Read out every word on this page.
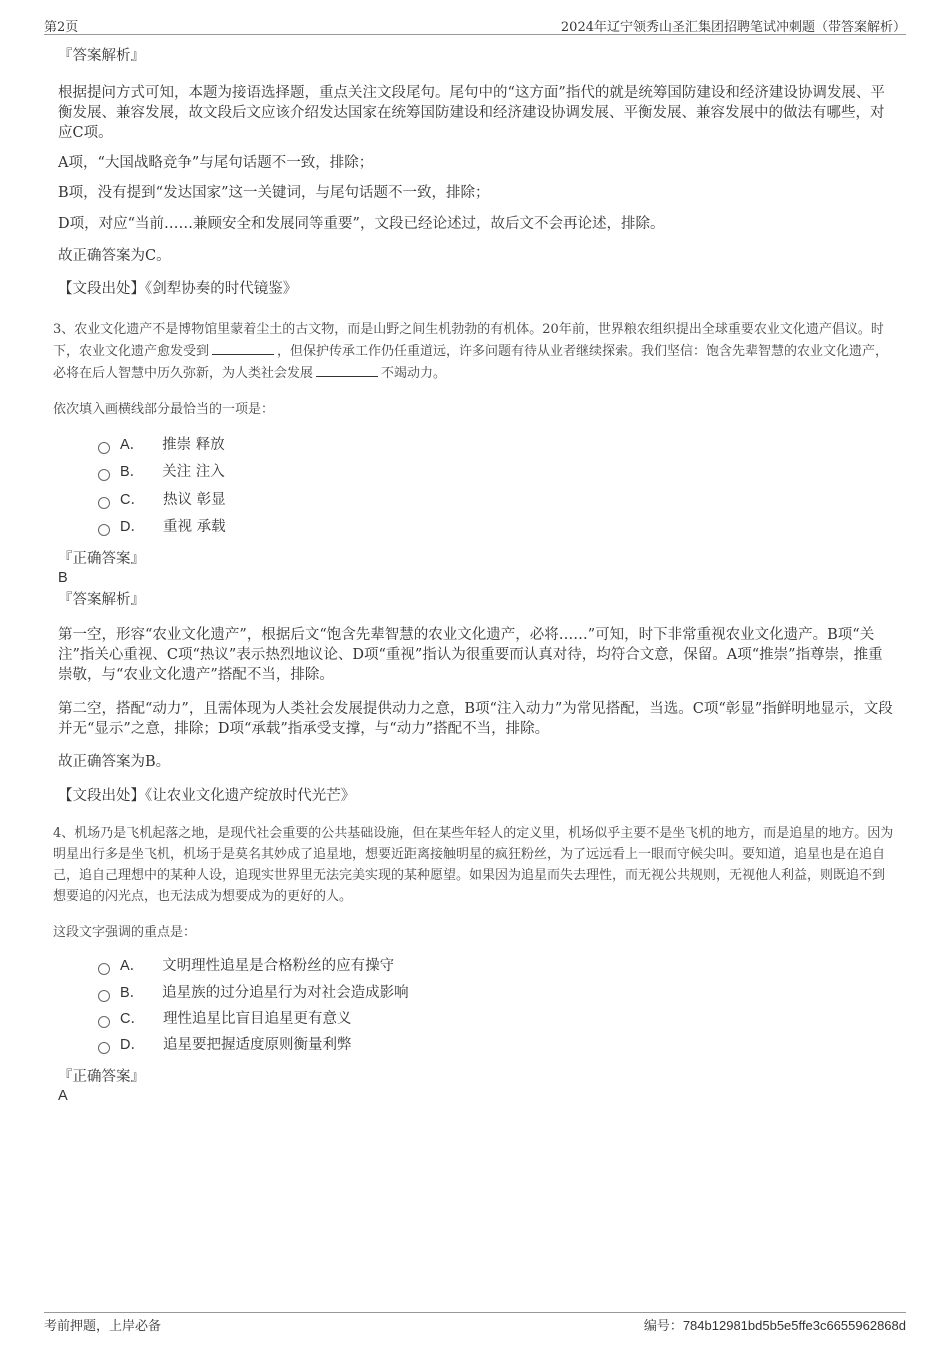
第2页	2024年辽宁领秀山圣汇集团招聘笔试冲刺题（带答案解析）
『答案解析』

根据提问方式可知，本题为接语选择题，重点关注文段尾句。尾句中的“这方面”指代的就是统筹国防建设和经济建设协调发展、平衡发展、兼容发展，故文段后文应该介绍发达国家在统筹国防建设和经济建设协调发展、平衡发展、兼容发展中的做法有哪些，对应C项。

A项，“大国战略竞争”与尾句话题不一致，排除；

B项，没有提到“发达国家”这一关键词，与尾句话题不一致，排除；

D项，对应“当前……兼顾安全和发展同等重要”，文段已经论述过，故后文不会再论述，排除。

故正确答案为C。

【文段出处】《剑犁协奏的时代镜鉴》
3、农业文化遗产不是博物馆里蒙着尘土的古文物，而是山野之间生机勃勃的有机体。20年前，世界粮农组织提出全球重要农业文化遗产倡议。时下，农业文化遗产愈发受到	，但保护传承工作仍任重道远，许多问题有待从业者继续探索。我们坚信：饱含先辈智慧的农业文化遗产，必将在后人智慧中历久弥新，为人类社会发展	不竭动力。
依次填入画横线部分最恰当的一项是：
A． 推崇 释放
B． 关注 注入
C． 热议 彰显
D． 重视 承载
『正确答案』
B
『答案解析』

第一空，形容“农业文化遗产”，根据后文“饱含先辈智慧的农业文化遗产，必将……”可知，时下非常重视农业文化遗产。B项“关注”指关心重视、C项“热议”表示热烈地议论、D项“重视”指认为很重要而认真对待，均符合文意，保留。A项“推崇”指尊崇，推重崇敬，与“农业文化遗产”搭配不当，排除。

第二空，搭配“动力”，且需体现为人类社会发展提供动力之意，B项“注入动力”为常见搭配，当选。C项“彰显”指鲜明地显示，文段并无“显示”之意，排除；D项“承载”指承受支撑，与“动力”搭配不当，排除。

故正确答案为B。

【文段出处】《让农业文化遗产绽放时代光芒》
4、机场乃是飞机起落之地，是现代社会重要的公共基础设施，但在某些年轻人的定义里，机场似乎主要不是坐飞机的地方，而是追星的地方。因为明星出行多是坐飞机，机场于是莫名其妙成了追星地，想要近距离接触明星的疯狂粉丝，为了远远看上一眼而守候尖叫。要知道，追星也是在追自己，追自己理想中的某种人设，追现实世界里无法完美实现的某种愿望。如果因为追星而失去理性，而无视公共规则，无视他人利益，则既追不到想要追的闪光点，也无法成为想要成为的更好的人。
这段文字强调的重点是：
A． 文明理性追星是合格粉丝的应有操守
B． 追星族的过分追星行为对社会造成影响
C． 理性追星比盲目追星更有意义
D． 追星要把握适度原则衡量利弊
『正确答案』
A
考前押题，上岸必备	编号：784b12981bd5b5e5ffe3c6655962868d
